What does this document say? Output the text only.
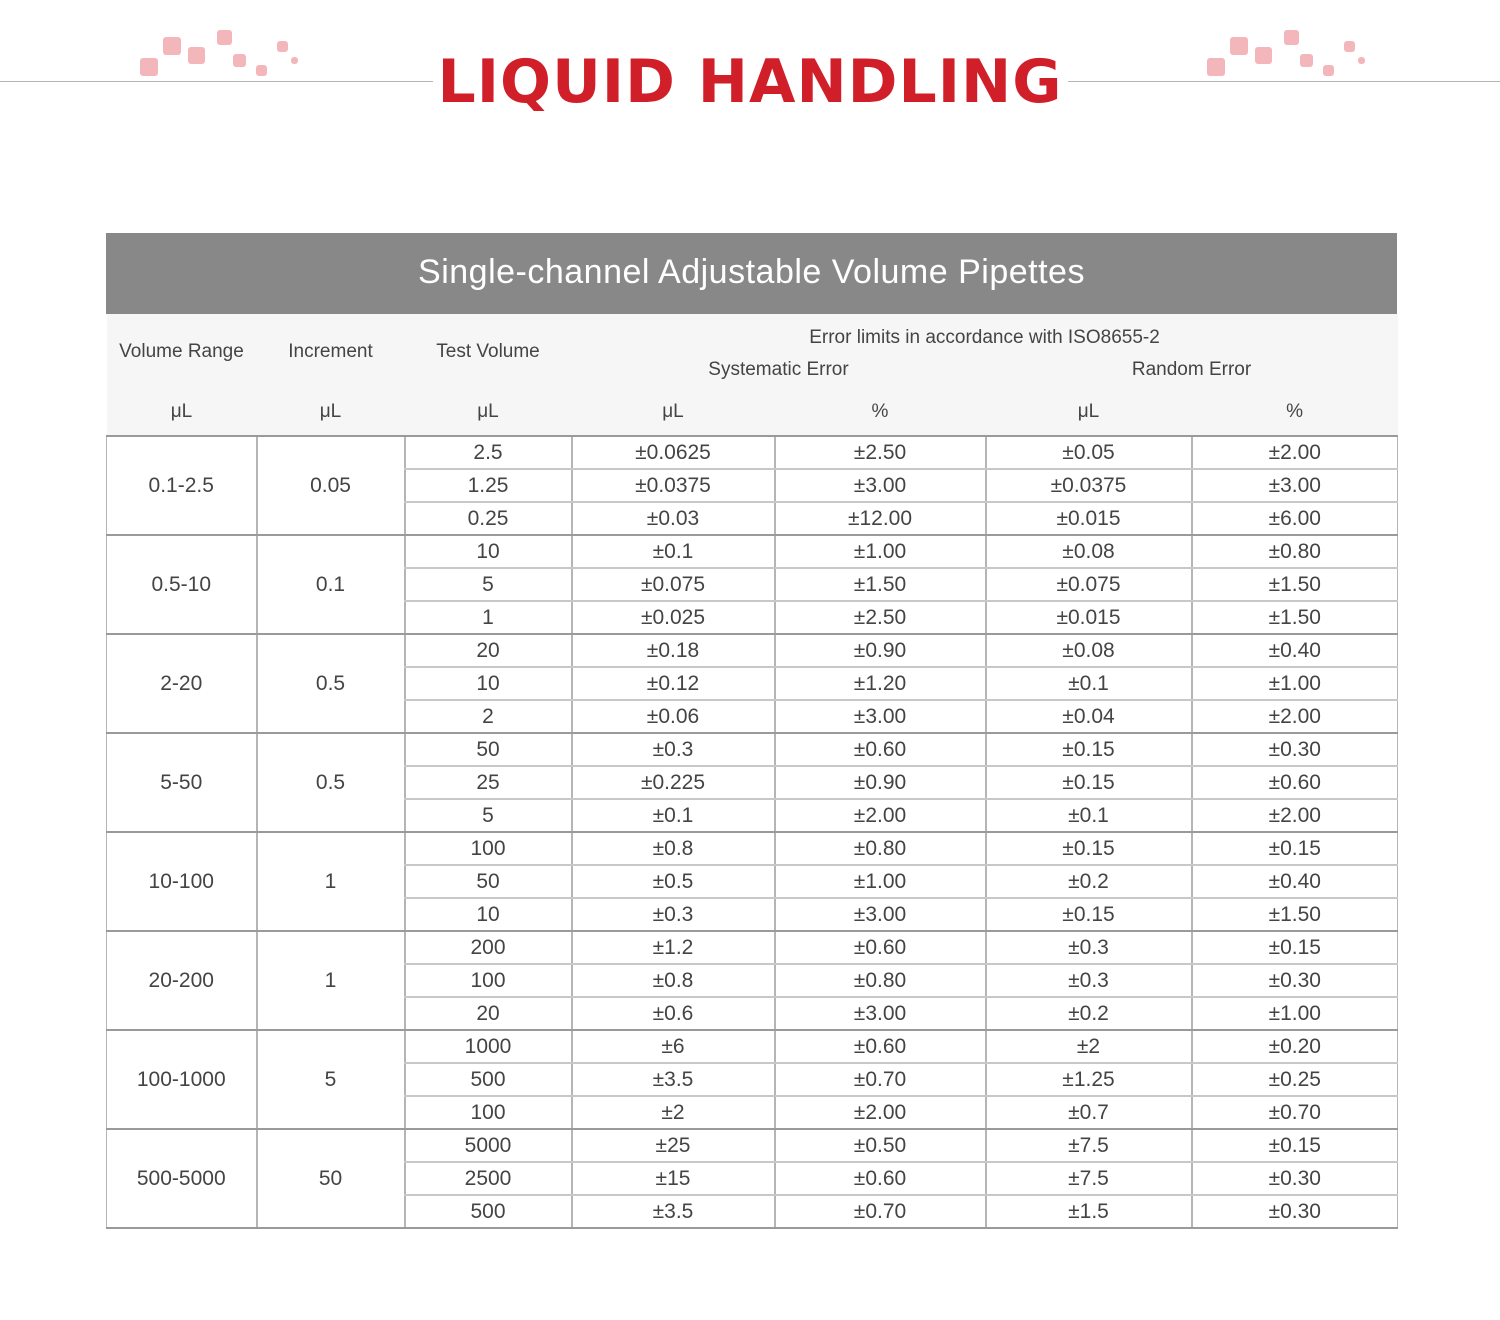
LIQUID HANDLING
Single-channel Adjustable Volume Pipettes
Volume Range	Increment	Test Volume	Error limits in accordance with ISO8655-2			
			Systematic Error		Random Error	
μL	μL	μL	μL	%	μL	%
0.1-2.5	0.05	2.5	±0.0625	±2.50	±0.05	±2.00
		1.25	±0.0375	±3.00	±0.0375	±3.00
		0.25	±0.03	±12.00	±0.015	±6.00
0.5-10	0.1	10	±0.1	±1.00	±0.08	±0.80
		5	±0.075	±1.50	±0.075	±1.50
		1	±0.025	±2.50	±0.015	±1.50
2-20	0.5	20	±0.18	±0.90	±0.08	±0.40
		10	±0.12	±1.20	±0.1	±1.00
		2	±0.06	±3.00	±0.04	±2.00
5-50	0.5	50	±0.3	±0.60	±0.15	±0.30
		25	±0.225	±0.90	±0.15	±0.60
		5	±0.1	±2.00	±0.1	±2.00
10-100	1	100	±0.8	±0.80	±0.15	±0.15
		50	±0.5	±1.00	±0.2	±0.40
		10	±0.3	±3.00	±0.15	±1.50
20-200	1	200	±1.2	±0.60	±0.3	±0.15
		100	±0.8	±0.80	±0.3	±0.30
		20	±0.6	±3.00	±0.2	±1.00
100-1000	5	1000	±6	±0.60	±2	±0.20
		500	±3.5	±0.70	±1.25	±0.25
		100	±2	±2.00	±0.7	±0.70
500-5000	50	5000	±25	±0.50	±7.5	±0.15
		2500	±15	±0.60	±7.5	±0.30
		500	±3.5	±0.70	±1.5	±0.30
